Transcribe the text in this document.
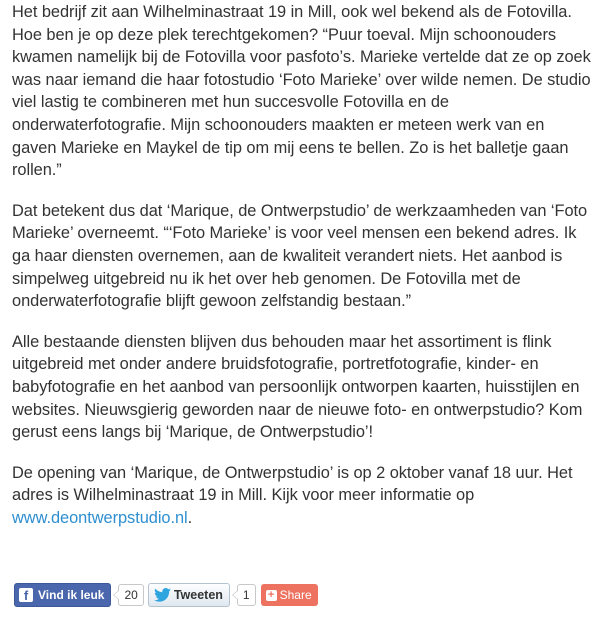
Het bedrijf zit aan Wilhelminastraat 19 in Mill, ook wel bekend als de Fotovilla. Hoe ben je op deze plek terechtgekomen? “Puur toeval. Mijn schoonouders kwamen namelijk bij de Fotovilla voor pasfoto’s. Marieke vertelde dat ze op zoek was naar iemand die haar fotostudio ‘Foto Marieke’ over wilde nemen. De studio viel lastig te combineren met hun succesvolle Fotovilla en de onderwaterfotografie. Mijn schoonouders maakten er meteen werk van en gaven Marieke en Maykel de tip om mij eens te bellen. Zo is het balletje gaan rollen.”

Dat betekent dus dat ‘Marique, de Ontwerpstudio’ de werkzaamheden van ‘Foto Marieke’ overneemt. “‘Foto Marieke’ is voor veel mensen een bekend adres. Ik ga haar diensten overnemen, aan de kwaliteit verandert niets. Het aanbod is simpelweg uitgebreid nu ik het over heb genomen. De Fotovilla met de onderwaterfotografie blijft gewoon zelfstandig bestaan.”

Alle bestaande diensten blijven dus behouden maar het assortiment is flink uitgebreid met onder andere bruidsfotografie, portretfotografie, kinder- en babyfotografie en het aanbod van persoonlijk ontworpen kaarten, huisstijlen en websites. Nieuwsgierig geworden naar de nieuwe foto- en ontwerpstudio? Kom gerust eens langs bij ‘Marique, de Ontwerpstudio’!

De opening van ‘Marique, de Ontwerpstudio’ is op 2 oktober vanaf 18 uur. Het adres is Wilhelminastraat 19 in Mill. Kijk voor meer informatie op
www.deontwerpstudio.nl.

f Vind ik leuk	20	Tweeten	1	+ Share
